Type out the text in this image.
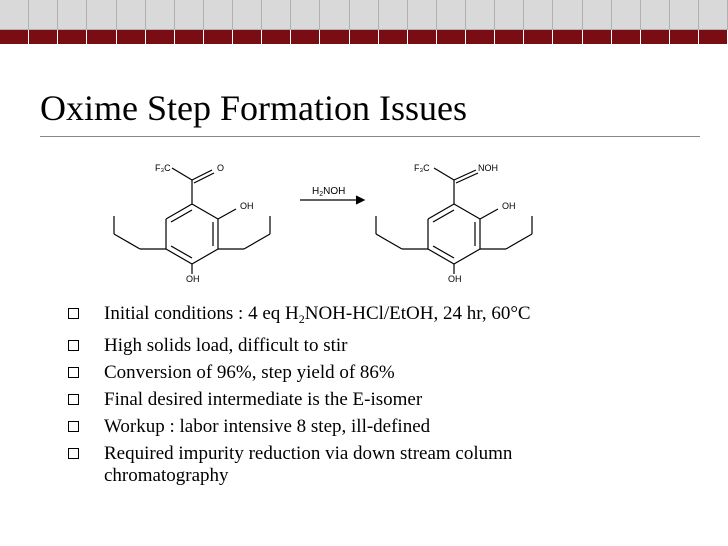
Oxime Step Formation Issues
F₃C	O
OH
OH
F₃C	NOH
OH
OH
$H_2NOH$
Initial conditions : 4 eq $H_2NOH-HCl$/EtOH, 24 hr, 60°C
High solids load, difficult to stir
Conversion of 96%, step yield of 86%
Final desired intermediate is the E-isomer
Workup : labor intensive 8 step, ill-defined
Required impurity reduction via down stream column
chromatography
